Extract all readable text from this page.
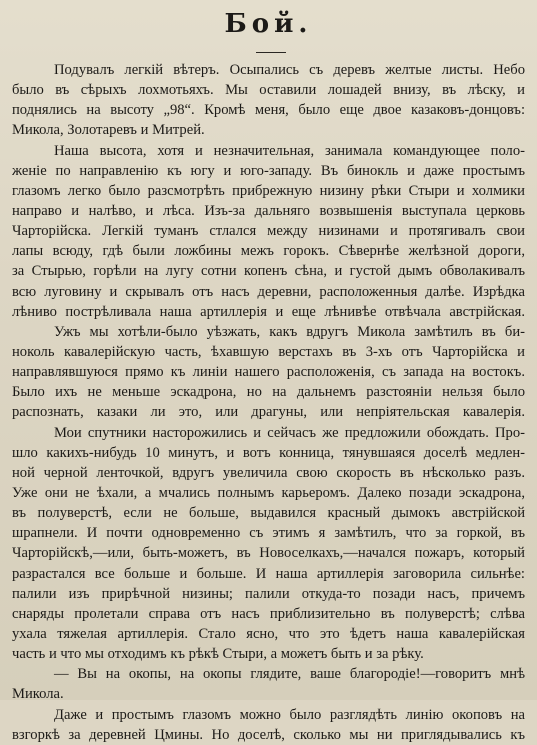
Бой.

Подувалъ легкій вѣтеръ. Осыпались съ деревъ желтые листы. Небо
было въ сѣрыхъ лохмотьяхъ. Мы оставили лошадей внизу, въ лѣску, и
поднялись на высоту „98“. Кромѣ меня, было еще двое казаковъ-донцовъ:
Микола, Золотаревъ и Митрей.

Наша высота, хотя и незначительная, занимала командующее поло-
женіе по направленію къ югу и юго-западу. Въ бинокль и даже простымъ
глазомъ легко было разсмотрѣть прибрежную низину рѣки Стыри и холмики
направо и налѣво, и лѣса. Изъ-за дальняго возвышенія выступала церковь
Чарторійска. Легкій туманъ стлался между низинами и протягивалъ свои
лапы всюду, гдѣ были ложбины межъ горокъ. Сѣвернѣе желѣзной дороги,
за Стырью, горѣли на лугу сотни копенъ сѣна, и густой дымъ обволакивалъ
всю луговину и скрывалъ отъ насъ деревни, расположенныя далѣе. Изрѣдка
лѣниво пострѣливала наша артиллерія и еще лѣнивѣе отвѣчала австрійская.

Ужъ мы хотѣли-было уѣзжать, какъ вдругъ Микола замѣтилъ въ би-
ноколь кавалерійскую часть, ѣхавшую верстахъ въ 3-хъ отъ Чарторійска и
направлявшуюся прямо къ линіи нашего расположенія, съ запада на востокъ.
Было ихъ не меньше эскадрона, но на дальнемъ разстояніи нельзя было
распознать, казаки ли это, или драгуны, или непріятельская кавалерія.

Мои спутники насторожились и сейчасъ же предложили обождать. Про-
шло какихъ-нибудь 10 минутъ, и вотъ конница, тянувшаяся доселѣ медлен-
ной черной ленточкой, вдругъ увеличила свою скорость въ нѣсколько разъ.
Уже они не ѣхали, а мчались полнымъ карьеромъ. Далеко позади эскадрона,
въ полуверстѣ, если не больше, выдавился красный дымокъ австрійской
шрапнели. И почти одновременно съ этимъ я замѣтилъ, что за горкой, въ
Чарторійскѣ,—или, быть-можетъ, въ Новоселкахъ,—начался пожаръ, который
разрастался все больше и больше. И наша артиллерія заговорила сильнѣе:
палили изъ прирѣчной низины; палили откуда-то позади насъ, причемъ
снаряды пролетали справа отъ насъ приблизительно въ полуверстѣ; слѣва
ухала тяжелая артиллерія. Стало ясно, что это ѣдетъ наша кавалерійская
часть и что мы отходимъ къ рѣкѣ Стыри, а можетъ быть и за рѣку.

— Вы на окопы, на окопы глядите, ваше благородіе!—говоритъ мнѣ
Микола.

Даже и простымъ глазомъ можно было разглядѣть линію окоповъ на
взгоркѣ за деревней Цмины. Но доселѣ, сколько мы ни приглядывались къ
